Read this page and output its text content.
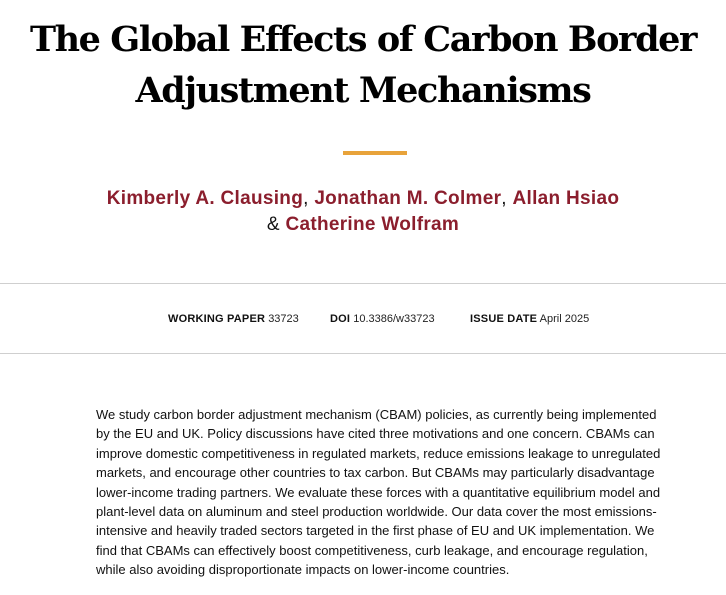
The Global Effects of Carbon Border Adjustment Mechanisms
Kimberly A. Clausing, Jonathan M. Colmer, Allan Hsiao
& Catherine Wolfram
WORKING PAPER 33723	DOI 10.3386/w33723	ISSUE DATE April 2025

We study carbon border adjustment mechanism (CBAM) policies, as currently being implemented by the EU and UK. Policy discussions have cited three motivations and one concern. CBAMs can improve domestic competitiveness in regulated markets, reduce emissions leakage to unregulated markets, and encourage other countries to tax carbon. But CBAMs may particularly disadvantage lower-income trading partners. We evaluate these forces with a quantitative equilibrium model and plant-level data on aluminum and steel production worldwide. Our data cover the most emissions-intensive and heavily traded sectors targeted in the first phase of EU and UK implementation. We find that CBAMs can effectively boost competitiveness, curb leakage, and encourage regulation, while also avoiding disproportionate impacts on lower-income countries.
